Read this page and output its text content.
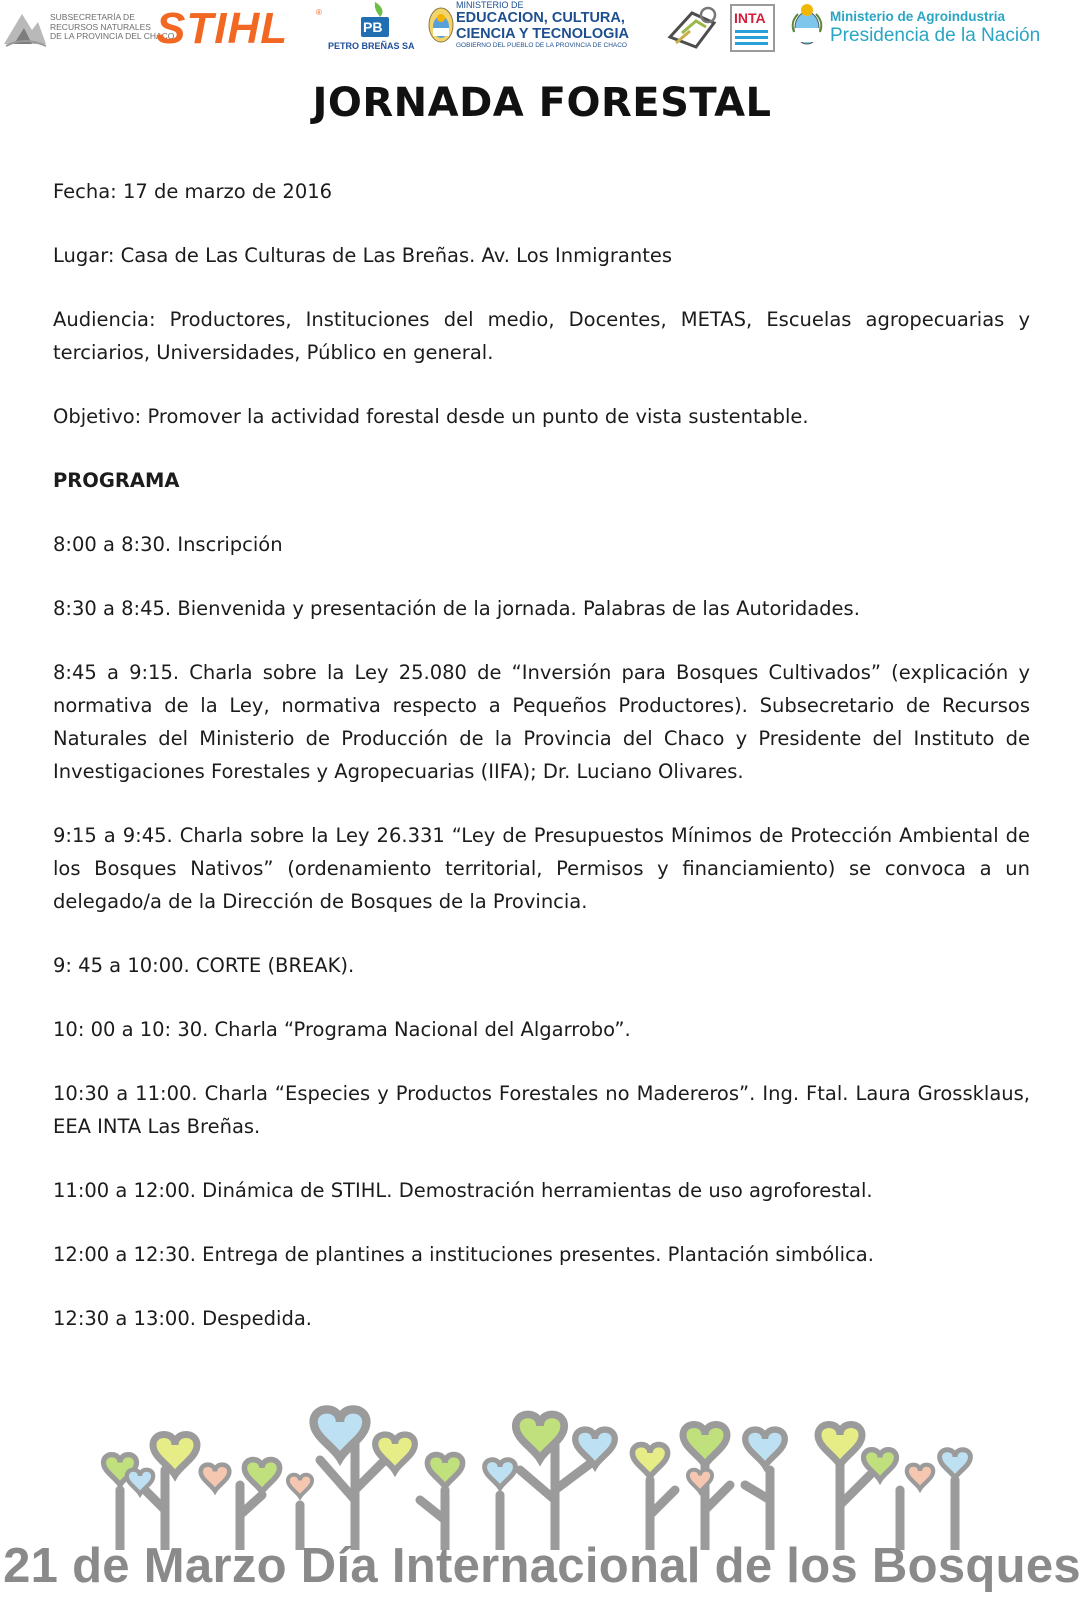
SUBSECRETARÍA DE
RECURSOS NATURALES
DE LA PROVINCIA DEL CHACO
STIHL	®
PB
PETRO BREÑAS SA
MINISTERIO DE
EDUCACION, CULTURA,
CIENCIA Y TECNOLOGIA
GOBIERNO DEL PUEBLO DE LA PROVINCIA DE CHACO
INTA	Ministerio de Agroindustria
Presidencia de la Nación
JORNADA FORESTAL

Fecha: 17 de marzo de 2016

Lugar: Casa de Las Culturas de Las Breñas. Av. Los Inmigrantes

Audiencia: Productores, Instituciones del medio, Docentes, METAS, Escuelas agropecuarias y terciarios, Universidades, Público en general.

Objetivo: Promover la actividad forestal desde un punto de vista sustentable.

PROGRAMA

8:00 a 8:30. Inscripción

8:30 a 8:45. Bienvenida y presentación de la jornada. Palabras de las Autoridades.

8:45 a 9:15. Charla sobre la Ley 25.080 de “Inversión para Bosques Cultivados” (explicación y normativa de la Ley, normativa respecto a Pequeños Productores). Subsecretario de Recursos Naturales del Ministerio de Producción de la Provincia del Chaco y Presidente del Instituto de Investigaciones Forestales y Agropecuarias (IIFA); Dr. Luciano Olivares.

9:15 a 9:45. Charla sobre la Ley 26.331 “Ley de Presupuestos Mínimos de Protección Ambiental de los Bosques Nativos” (ordenamiento territorial, Permisos y financiamiento) se convoca a un delegado/a de la Dirección de Bosques de la Provincia.

9: 45 a 10:00. CORTE (BREAK).

10: 00 a 10: 30. Charla “Programa Nacional del Algarrobo”.

10:30 a 11:00. Charla “Especies y Productos Forestales no Madereros”. Ing. Ftal. Laura Grossklaus, EEA INTA Las Breñas.

11:00 a 12:00. Dinámica de STIHL. Demostración herramientas de uso agroforestal.

12:00 a 12:30. Entrega de plantines a instituciones presentes. Plantación simbólica.

12:30 a 13:00. Despedida.

21 de Marzo Día Internacional de los Bosques
